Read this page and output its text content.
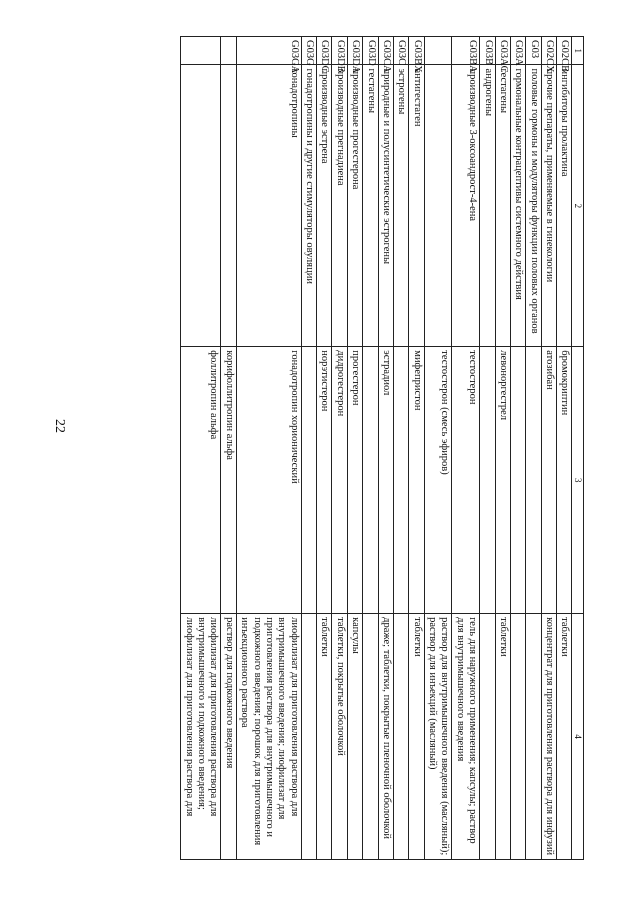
22
1	2	3	4
G02CB	ингибиторы пролактина	бромокриптин	таблетки
G02CX	прочие препараты, применяемые в гинекологии	атозибан	концентрат для приготовления раствора для инфузий
G03	половые гормоны и модуляторы функции половых органов		
G03A	гормональные контрацептивы системного действия		
G03AC	гестагены	левоноргестрел	таблетки
G03B	андрогены		
G03BA	производные 3-оксоандрост-4-ена	тестостерон	гель для наружного применения; капсулы; раствор для внутримышечного введения
		тестостерон (смесь эфиров)	раствор для внутримышечного введения (масляный); раствор для инъекций (масляный)
G03BX	антигестаген	мифепристон	таблетки
G03C	эстрогены		
G03CA	природные и полусинтетические эстрогены	эстрадиол	драже; таблетки, покрытые пленочной оболочкой
G03D	гестагены		
G03DA	производные прогестерона	прогестерон	капсулы
G03DB	производные прегнадиена	дидрогестерон	таблетки, покрытые оболочкой
G03DC	производные эстрена	норэтистерон	таблетки
G03G	гонадотропины и другие стимуляторы овуляции		
G03GA	гонадотропины	гонадотропин хорионический	лиофилизат для приготовления раствора для внутримышечного введения; лиофилизат для приготовления раствора для внутримышечного и подкожного введения; порошок для приготовления инъекционного раствора
		корифоллитропин альфа	раствор для подкожного введения
		фоллитропин альфа	лиофилизат для приготовления раствора для внутримышечного и подкожного введения; лиофилизат для приготовления раствора для
